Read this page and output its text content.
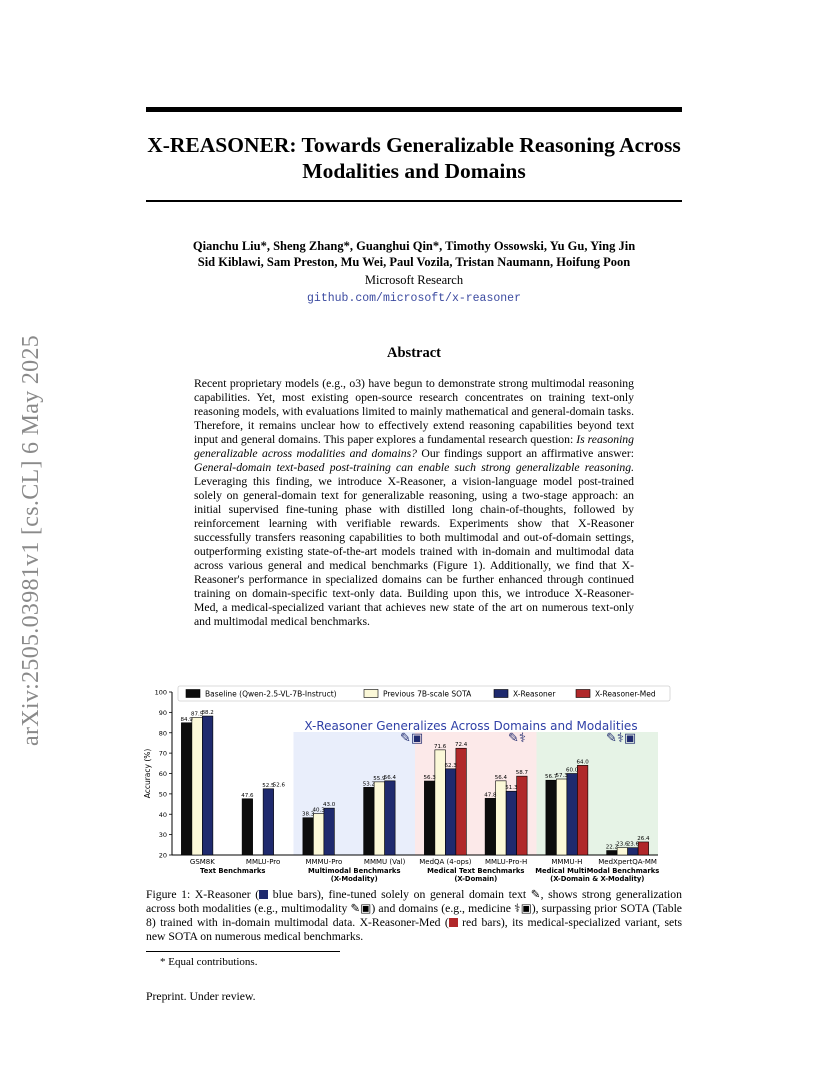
arXiv:2505.03981v1 [cs.CL] 6 May 2025
X-REASONER: Towards Generalizable Reasoning Across Modalities and Domains
Qianchu Liu*, Sheng Zhang*, Guanghui Qin*, Timothy Ossowski, Yu Gu, Ying Jin
Sid Kiblawi, Sam Preston, Mu Wei, Paul Vozila, Tristan Naumann, Hoifung Poon
Microsoft Research
github.com/microsoft/x-reasoner
Abstract
Recent proprietary models (e.g., o3) have begun to demonstrate strong multimodal reasoning capabilities. Yet, most existing open-source research concentrates on training text-only reasoning models, with evaluations limited to mainly mathematical and general-domain tasks. Therefore, it remains unclear how to effectively extend reasoning capabilities beyond text input and general domains. This paper explores a fundamental research question: Is reasoning generalizable across modalities and domains? Our findings support an affirmative answer: General-domain text-based post-training can enable such strong generalizable reasoning. Leveraging this finding, we introduce X-Reasoner, a vision-language model post-trained solely on general-domain text for generalizable reasoning, using a two-stage approach: an initial supervised fine-tuning phase with distilled long chain-of-thoughts, followed by reinforcement learning with verifiable rewards. Experiments show that X-Reasoner successfully transfers reasoning capabilities to both multimodal and out-of-domain settings, outperforming existing state-of-the-art models trained with in-domain and multimodal data across various general and medical benchmarks (Figure 1). Additionally, we find that X-Reasoner's performance in specialized domains can be further enhanced through continued training on domain-specific text-only data. Building upon this, we introduce X-Reasoner-Med, a medical-specialized variant that achieves new state of the art on numerous text-only and multimodal medical benchmarks.
20
30
40
50
60
70
80
90
100
Accuracy (%)
X-Reasoner Generalizes Across Domains and Modalities
✎▣	✎⚕	✎⚕▣
84.9
87.5
88.2
47.6
52.5
52.6
38.3
40.3
43.0
53.2
55.9
56.4	56.3
71.6
62.3
72.4
47.8
56.4
51.3
58.7
56.7
57.3
60.0
64.0
22.2
23.6
23.6
26.4
GSM8K	MMLU-Pro	MMMU-Pro	MMMU (Val) MedQA (4-ops) MMLU-Pro-H	MMMU-H MedXpertQA-MM
Text Benchmarks	Multimodal Benchmarks
(X-Modality)
Medical Text Benchmarks
(X-Domain)
Medical MultiModal Benchmarks
(X-Domain & X-Modality)
Baseline (Qwen-2.5-VL-7B-Instruct)	Previous 7B-scale SOTA	X-Reasoner	X-Reasoner-Med
Figure 1: X-Reasoner ( blue bars), fine-tuned solely on general domain text ✎, shows strong generalization across both modalities (e.g., multimodality ✎▣) and domains (e.g., medicine ⚕▣), surpassing prior SOTA (Table 8) trained with in-domain multimodal data. X-Reasoner-Med ( red bars), its medical-specialized variant, sets new SOTA on numerous medical benchmarks.
* Equal contributions.
Preprint. Under review.
